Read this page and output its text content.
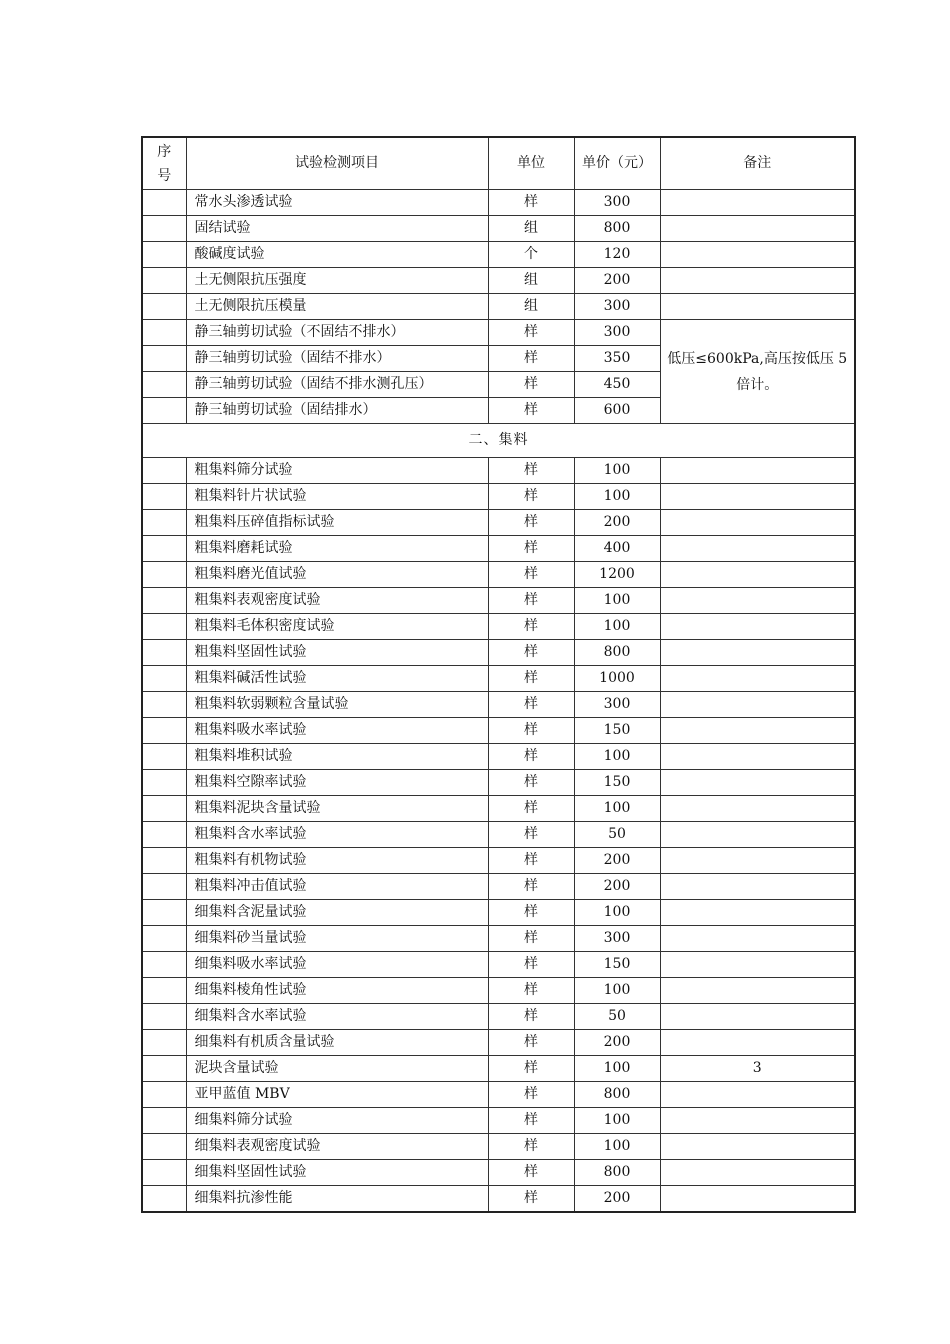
序号	试验检测项目	单位	单价（元）	备注
	常水头渗透试验	样	300	
	固结试验	组	800	
	酸碱度试验	个	120	
	土无侧限抗压强度	组	200	
	土无侧限抗压模量	组	300	
	静三轴剪切试验（不固结不排水）	样	300	低压≤600kPa,高压按低压 5 倍计。
	静三轴剪切试验（固结不排水）	样	350	
	静三轴剪切试验（固结不排水测孔压）	样	450	
	静三轴剪切试验（固结排水）	样	600	
二、集料				
	粗集料筛分试验	样	100	
	粗集料针片状试验	样	100	
	粗集料压碎值指标试验	样	200	
	粗集料磨耗试验	样	400	
	粗集料磨光值试验	样	1200	
	粗集料表观密度试验	样	100	
	粗集料毛体积密度试验	样	100	
	粗集料坚固性试验	样	800	
	粗集料碱活性试验	样	1000	
	粗集料软弱颗粒含量试验	样	300	
	粗集料吸水率试验	样	150	
	粗集料堆积试验	样	100	
	粗集料空隙率试验	样	150	
	粗集料泥块含量试验	样	100	
	粗集料含水率试验	样	50	
	粗集料有机物试验	样	200	
	粗集料冲击值试验	样	200	
	细集料含泥量试验	样	100	
	细集料砂当量试验	样	300	
	细集料吸水率试验	样	150	
	细集料棱角性试验	样	100	
	细集料含水率试验	样	50	
	细集料有机质含量试验	样	200	
	泥块含量试验	样	100	3
	亚甲蓝值 MBV	样	800	
	细集料筛分试验	样	100	
	细集料表观密度试验	样	100	
	细集料坚固性试验	样	800	
	细集料抗渗性能	样	200	
